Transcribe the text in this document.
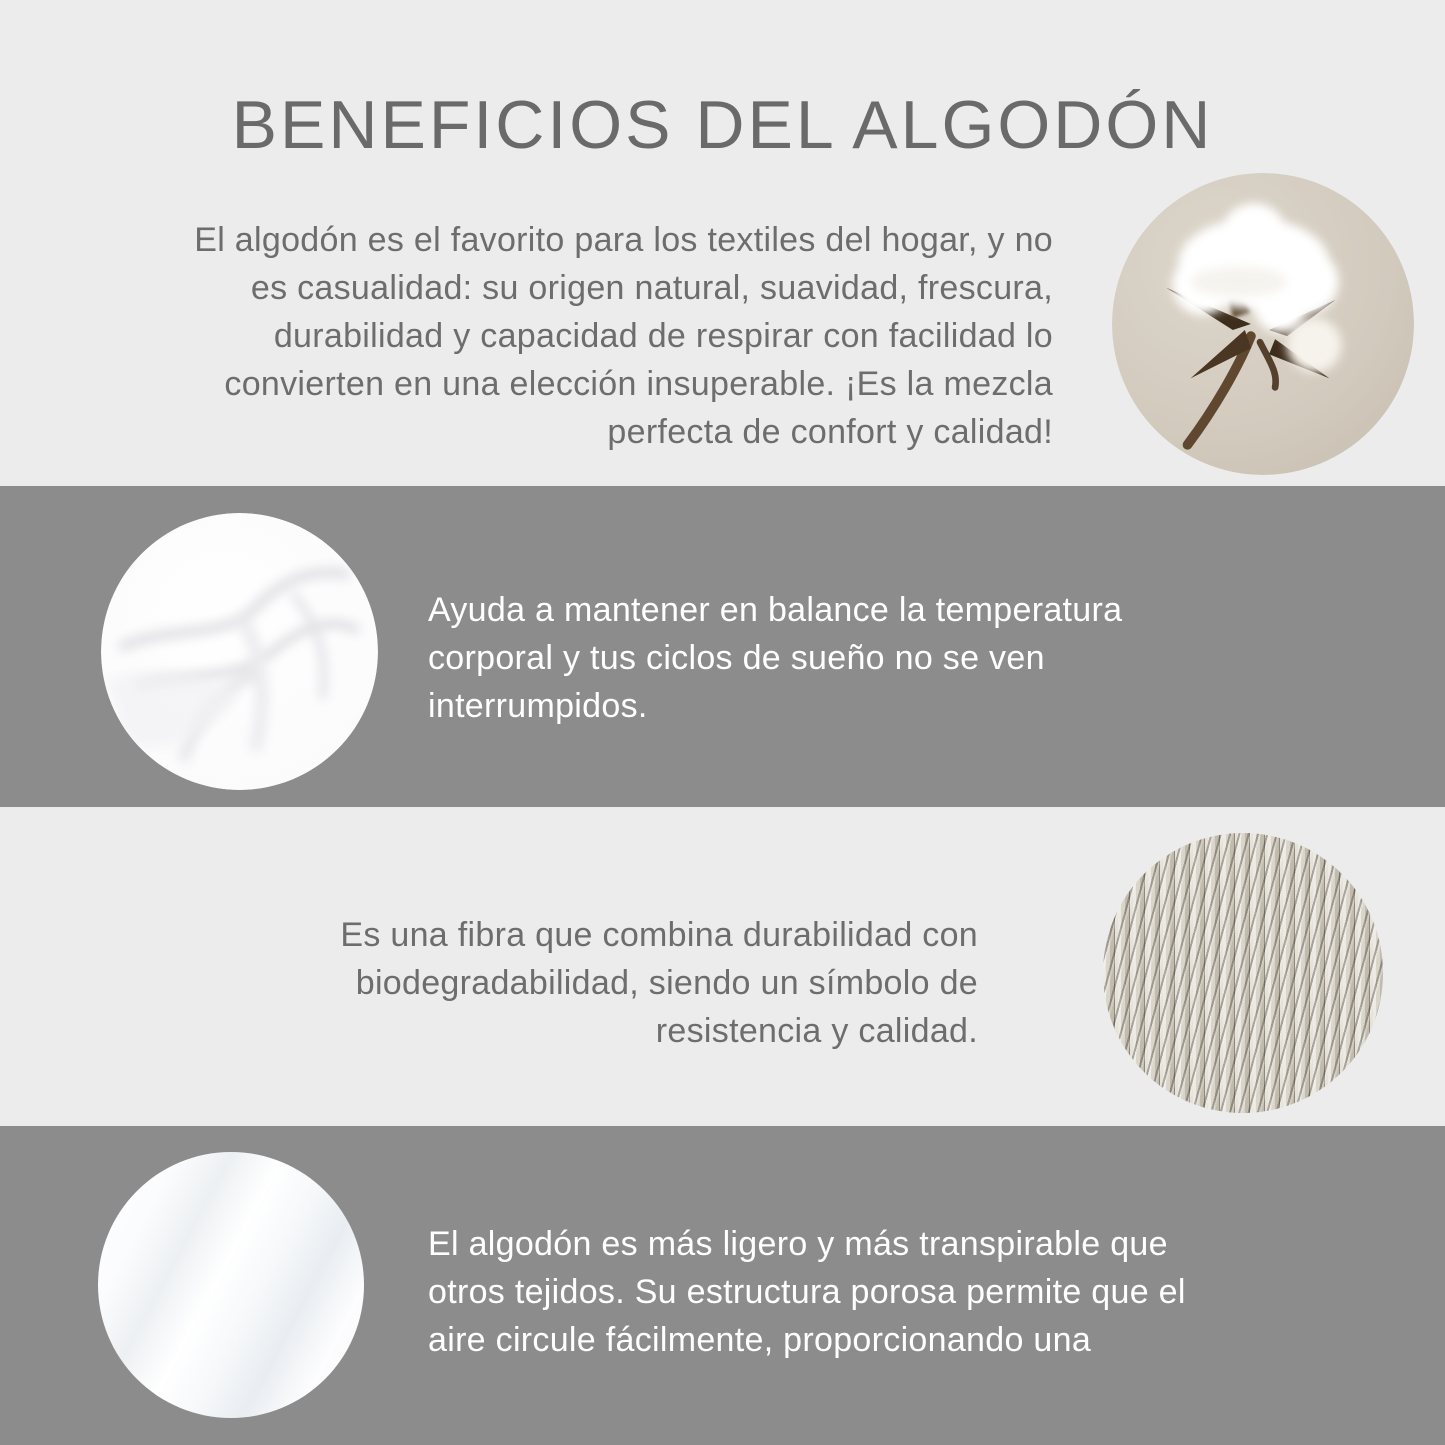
BENEFICIOS DEL ALGODÓN
El algodón es el favorito para los textiles del hogar, y no
es casualidad: su origen natural, suavidad, frescura,
durabilidad y capacidad de respirar con facilidad lo
convierten en una elección insuperable. ¡Es la mezcla
perfecta de confort y calidad!
Ayuda a mantener en balance la temperatura
corporal y tus ciclos de sueño no se ven
interrumpidos.
Es una fibra que combina durabilidad con
biodegradabilidad, siendo un símbolo de
resistencia y calidad.
El algodón es más ligero y más transpirable que
otros tejidos. Su estructura porosa permite que el
aire circule fácilmente, proporcionando una
